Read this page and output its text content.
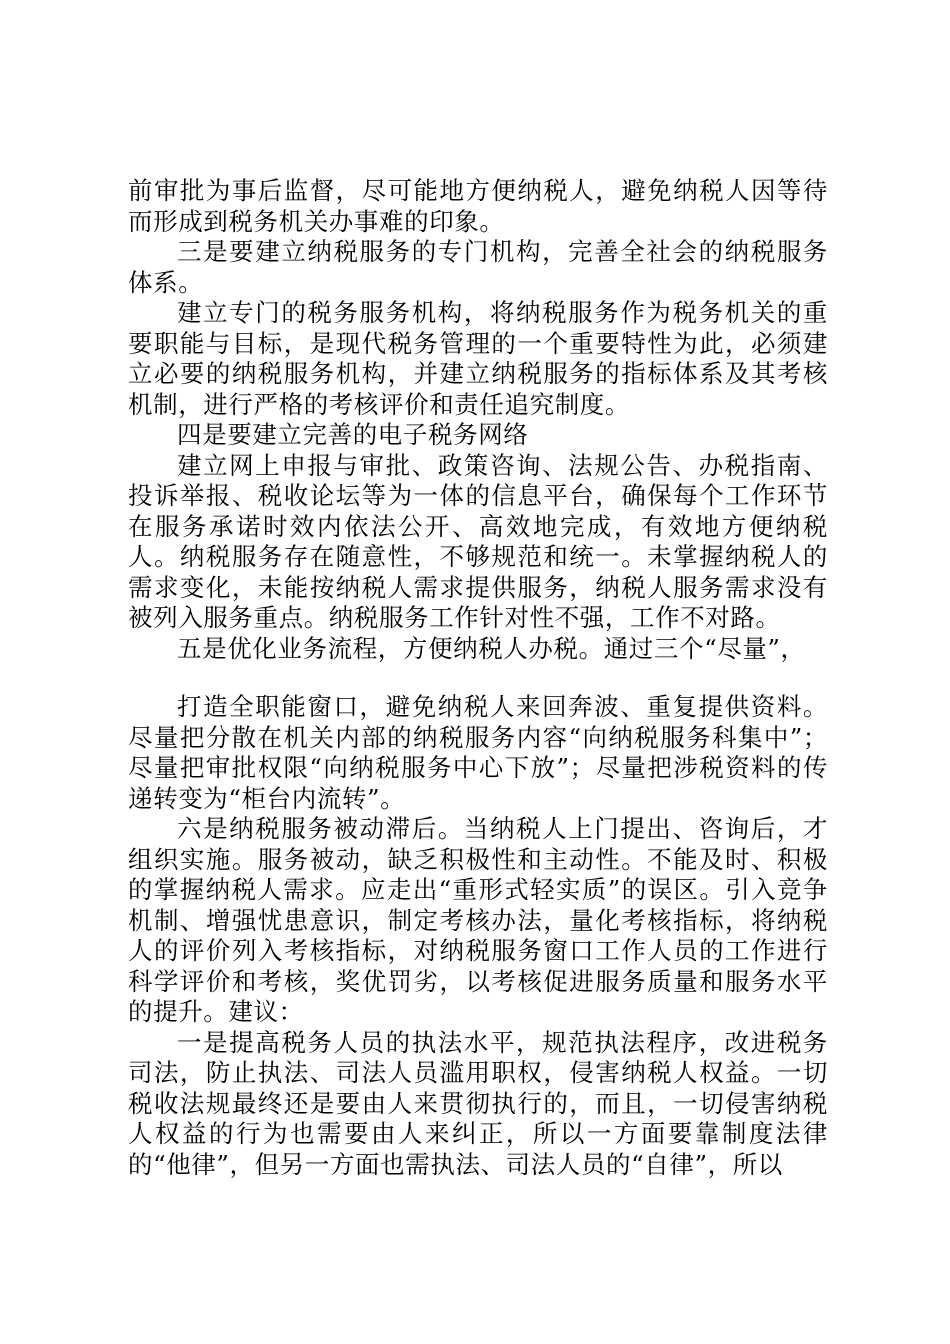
前审批为事后监督，尽可能地方便纳税人，避免纳税人因等待而形成到税务机关办事难的印象。

三是要建立纳税服务的专门机构，完善全社会的纳税服务体系。

建立专门的税务服务机构，将纳税服务作为税务机关的重要职能与目标，是现代税务管理的一个重要特性为此，必须建立必要的纳税服务机构，并建立纳税服务的指标体系及其考核机制，进行严格的考核评价和责任追究制度。

四是要建立完善的电子税务网络

建立网上申报与审批、政策咨询、法规公告、办税指南、投诉举报、税收论坛等为一体的信息平台，确保每个工作环节在服务承诺时效内依法公开、高效地完成，有效地方便纳税人。纳税服务存在随意性，不够规范和统一。未掌握纳税人的需求变化，未能按纳税人需求提供服务，纳税人服务需求没有被列入服务重点。纳税服务工作针对性不强，工作不对路。

五是优化业务流程，方便纳税人办税。通过三个“尽量”，

打造全职能窗口，避免纳税人来回奔波、重复提供资料。尽量把分散在机关内部的纳税服务内容“向纳税服务科集中”；尽量把审批权限“向纳税服务中心下放”；尽量把涉税资料的传递转变为“柜台内流转”。

六是纳税服务被动滞后。当纳税人上门提出、咨询后，才组织实施。服务被动，缺乏积极性和主动性。不能及时、积极的掌握纳税人需求。应走出“重形式轻实质”的误区。引入竞争机制、增强忧患意识，制定考核办法，量化考核指标，将纳税人的评价列入考核指标，对纳税服务窗口工作人员的工作进行科学评价和考核，奖优罚劣，以考核促进服务质量和服务水平的提升。建议：

一是提高税务人员的执法水平，规范执法程序，改进税务司法，防止执法、司法人员滥用职权，侵害纳税人权益。一切税收法规最终还是要由人来贯彻执行的，而且，一切侵害纳税人权益的行为也需要由人来纠正，所以一方面要靠制度法律的“他律”，但另一方面也需执法、司法人员的“自律”，所以
